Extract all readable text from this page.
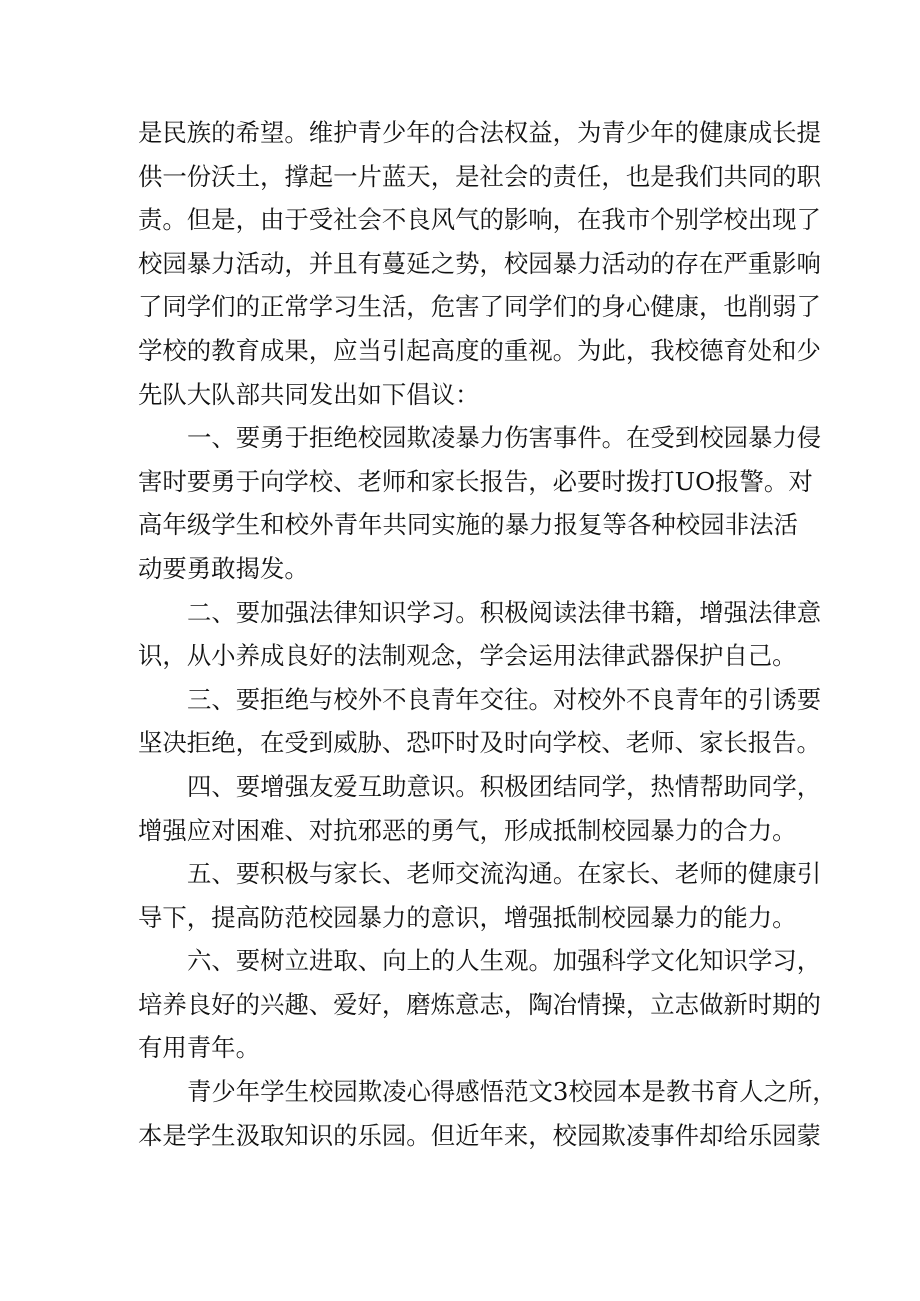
是民族的希望。维护青少年的合法权益，为青少年的健康成长提
供一份沃土，撑起一片蓝天，是社会的责任，也是我们共同的职
责。但是，由于受社会不良风气的影响，在我市个别学校出现了
校园暴力活动，并且有蔓延之势，校园暴力活动的存在严重影响
了同学们的正常学习生活，危害了同学们的身心健康，也削弱了
学校的教育成果，应当引起高度的重视。为此，我校德育处和少
先队大队部共同发出如下倡议：
一、要勇于拒绝校园欺凌暴力伤害事件。在受到校园暴力侵
害时要勇于向学校、老师和家长报告，必要时拨打UO报警。对
高年级学生和校外青年共同实施的暴力报复等各种校园非法活
动要勇敢揭发。
二、要加强法律知识学习。积极阅读法律书籍，增强法律意
识，从小养成良好的法制观念，学会运用法律武器保护自己。
三、要拒绝与校外不良青年交往。对校外不良青年的引诱要
坚决拒绝，在受到威胁、恐吓时及时向学校、老师、家长报告。
四、要增强友爱互助意识。积极团结同学，热情帮助同学，
增强应对困难、对抗邪恶的勇气，形成抵制校园暴力的合力。
五、要积极与家长、老师交流沟通。在家长、老师的健康引
导下，提高防范校园暴力的意识，增强抵制校园暴力的能力。
六、要树立进取、向上的人生观。加强科学文化知识学习，
培养良好的兴趣、爱好，磨炼意志，陶冶情操，立志做新时期的
有用青年。
青少年学生校园欺凌心得感悟范文3校园本是教书育人之所，
本是学生汲取知识的乐园。但近年来，校园欺凌事件却给乐园蒙
